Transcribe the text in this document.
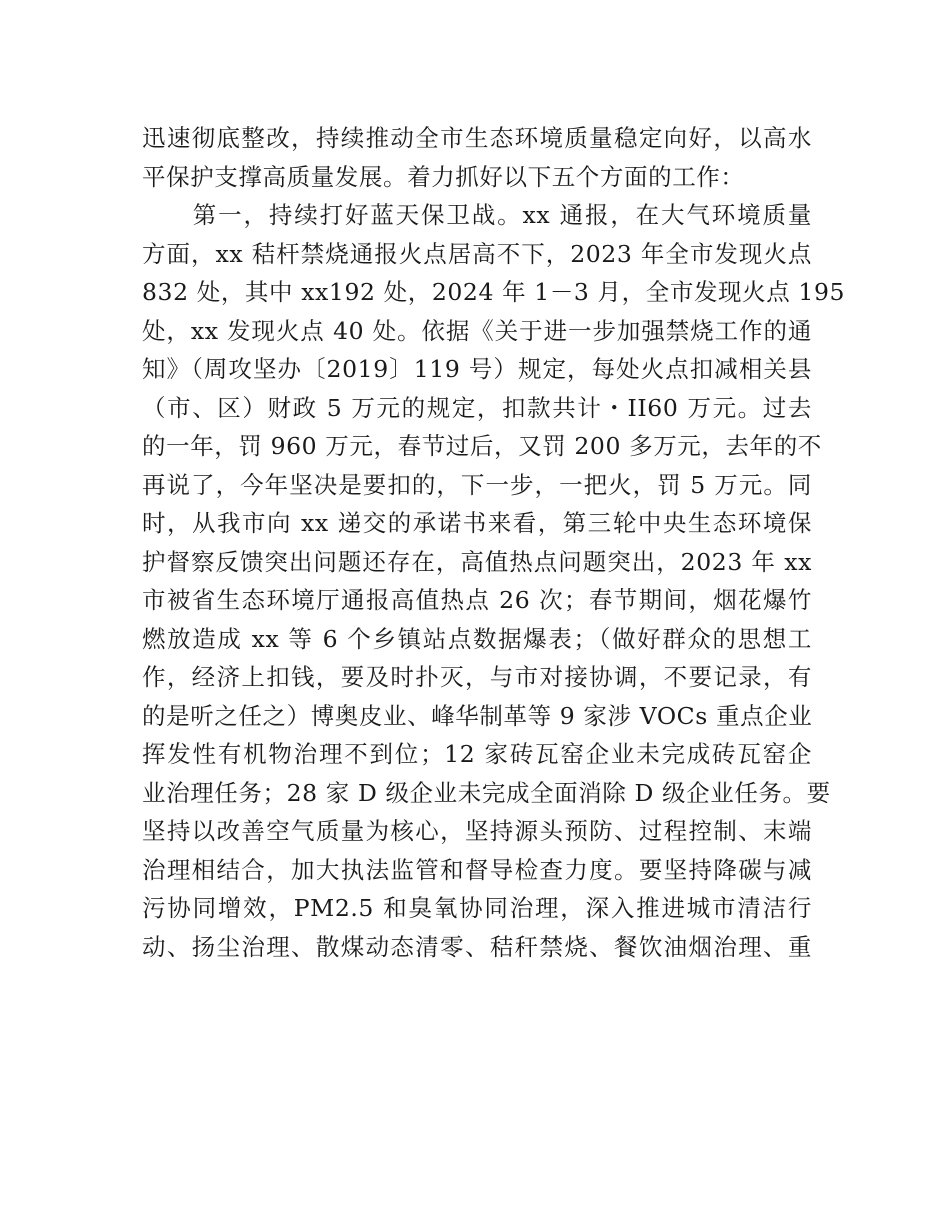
迅速彻底整改，持续推动全市生态环境质量稳定向好，以高水
平保护支撑高质量发展。着力抓好以下五个方面的工作：
　　第一，持续打好蓝天保卫战。xx 通报，在大气环境质量
方面，xx 秸杆禁烧通报火点居高不下，2023 年全市发现火点
832 处，其中 xx192 处，2024 年 1－3 月，全市发现火点 195
处，xx 发现火点 40 处。依据《关于进一步加强禁烧工作的通
知》（周攻坚办〔2019〕119 号）规定，每处火点扣减相关县
（市、区）财政 5 万元的规定，扣款共计・II60 万元。过去
的一年，罚 960 万元，春节过后，又罚 200 多万元，去年的不
再说了，今年坚决是要扣的，下一步，一把火，罚 5 万元。同
时，从我市向 xx 递交的承诺书来看，第三轮中央生态环境保
护督察反馈突出问题还存在，高值热点问题突出，2023 年 xx
市被省生态环境厅通报高值热点 26 次；春节期间，烟花爆竹
燃放造成 xx 等 6 个乡镇站点数据爆表；（做好群众的思想工
作，经济上扣钱，要及时扑灭，与市对接协调，不要记录，有
的是听之任之）博奥皮业、峰华制革等 9 家涉 VOCs 重点企业
挥发性有机物治理不到位；12 家砖瓦窑企业未完成砖瓦窑企
业治理任务；28 家 D 级企业未完成全面消除 D 级企业任务。要
坚持以改善空气质量为核心，坚持源头预防、过程控制、末端
治理相结合，加大执法监管和督导检查力度。要坚持降碳与减
污协同增效，PM2.5 和臭氧协同治理，深入推进城市清洁行
动、扬尘治理、散煤动态清零、秸秆禁烧、餐饮油烟治理、重
